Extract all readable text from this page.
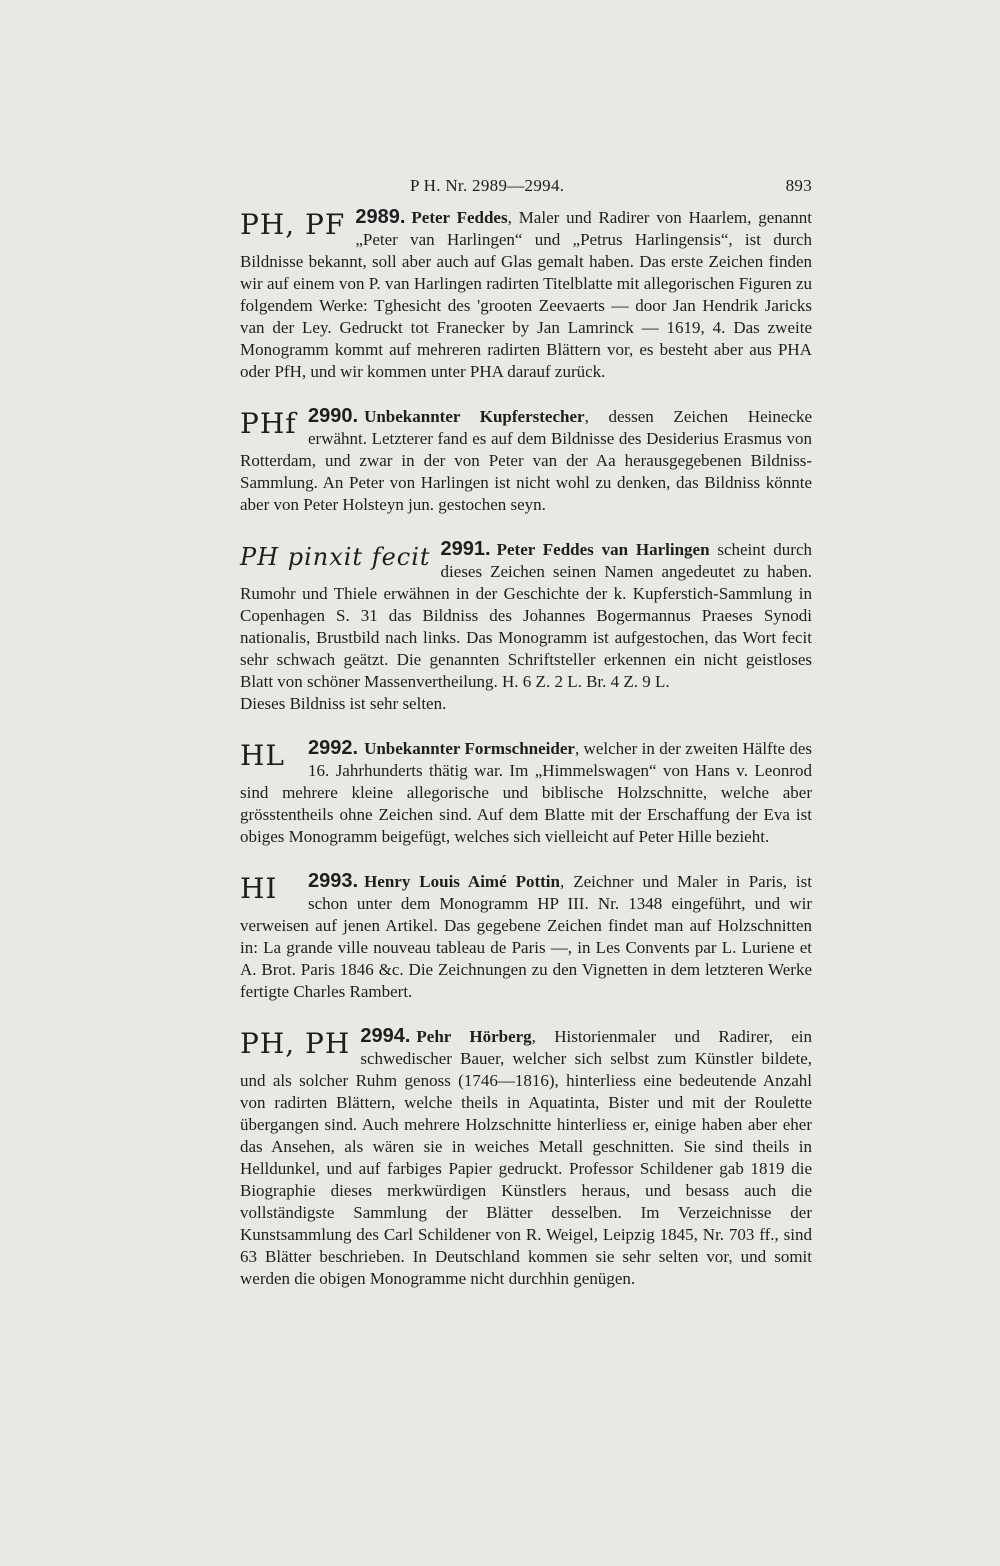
P H. Nr. 2989—2994.	893
PH, PF 2989. Peter Feddes, Maler und Radirer von Haarlem, genannt „Peter van Harlingen“ und „Petrus Harlingensis“, ist durch Bildnisse bekannt, soll aber auch auf Glas gemalt haben. Das erste Zeichen finden wir auf einem von P. van Harlingen radirten Titelblatte mit allegorischen Figuren zu folgendem Werke: Tghesicht des 'grooten Zeevaerts — door Jan Hendrik Jaricks van der Ley. Gedruckt tot Franecker by Jan Lamrinck — 1619, 4. Das zweite Monogramm kommt auf mehreren radirten Blättern vor, es besteht aber aus PHA oder PfH, und wir kommen unter PHA darauf zurück.

PHf 2990. Unbekannter Kupferstecher, dessen Zeichen Heinecke erwähnt. Letzterer fand es auf dem Bildnisse des Desiderius Erasmus von Rotterdam, und zwar in der von Peter van der Aa herausgegebenen Bildniss-Sammlung. An Peter von Harlingen ist nicht wohl zu denken, das Bildniss könnte aber von Peter Holsteyn jun. gestochen seyn.

PH pinxit fecit 2991. Peter Feddes van Harlingen scheint durch dieses Zeichen seinen Namen angedeutet zu haben. Rumohr und Thiele erwähnen in der Geschichte der k. Kupferstich-Sammlung in Copenhagen S. 31 das Bildniss des Johannes Bogermannus Praeses Synodi nationalis, Brustbild nach links. Das Monogramm ist aufgestochen, das Wort fecit sehr schwach geätzt. Die genannten Schriftsteller erkennen ein nicht geistloses Blatt von schöner Massenvertheilung. H. 6 Z. 2 L. Br. 4 Z. 9 L.

Dieses Bildniss ist sehr selten.

HL	2992. Unbekannter Formschneider, welcher in der zweiten Hälfte des 16. Jahrhunderts thätig war. Im „Himmelswagen“ von Hans v. Leonrod sind mehrere kleine allegorische und biblische Holzschnitte, welche aber grösstentheils ohne Zeichen sind. Auf dem Blatte mit der Erschaffung der Eva ist obiges Monogramm beigefügt, welches sich vielleicht auf Peter Hille bezieht.

HI	2993. Henry Louis Aimé Pottin, Zeichner und Maler in Paris, ist schon unter dem Monogramm HP III. Nr. 1348 eingeführt, und wir verweisen auf jenen Artikel. Das gegebene Zeichen findet man auf Holzschnitten in: La grande ville nouveau tableau de Paris —, in Les Convents par L. Luriene et A. Brot. Paris 1846 &c. Die Zeichnungen zu den Vignetten in dem letzteren Werke fertigte Charles Rambert.

PH, PH 2994. Pehr Hörberg, Historienmaler und Radirer, ein schwedischer Bauer, welcher sich selbst zum Künstler bildete, und als solcher Ruhm genoss (1746—1816), hinterliess eine bedeutende Anzahl von radirten Blättern, welche theils in Aquatinta, Bister und mit der Roulette übergangen sind. Auch mehrere Holzschnitte hinterliess er, einige haben aber eher das Ansehen, als wären sie in weiches Metall geschnitten. Sie sind theils in Helldunkel, und auf farbiges Papier gedruckt. Professor Schildener gab 1819 die Biographie dieses merkwürdigen Künstlers heraus, und besass auch die vollständigste Sammlung der Blätter desselben. Im Verzeichnisse der Kunstsammlung des Carl Schildener von R. Weigel, Leipzig 1845, Nr. 703 ff., sind 63 Blätter beschrieben. In Deutschland kommen sie sehr selten vor, und somit werden die obigen Monogramme nicht durchhin genügen.
